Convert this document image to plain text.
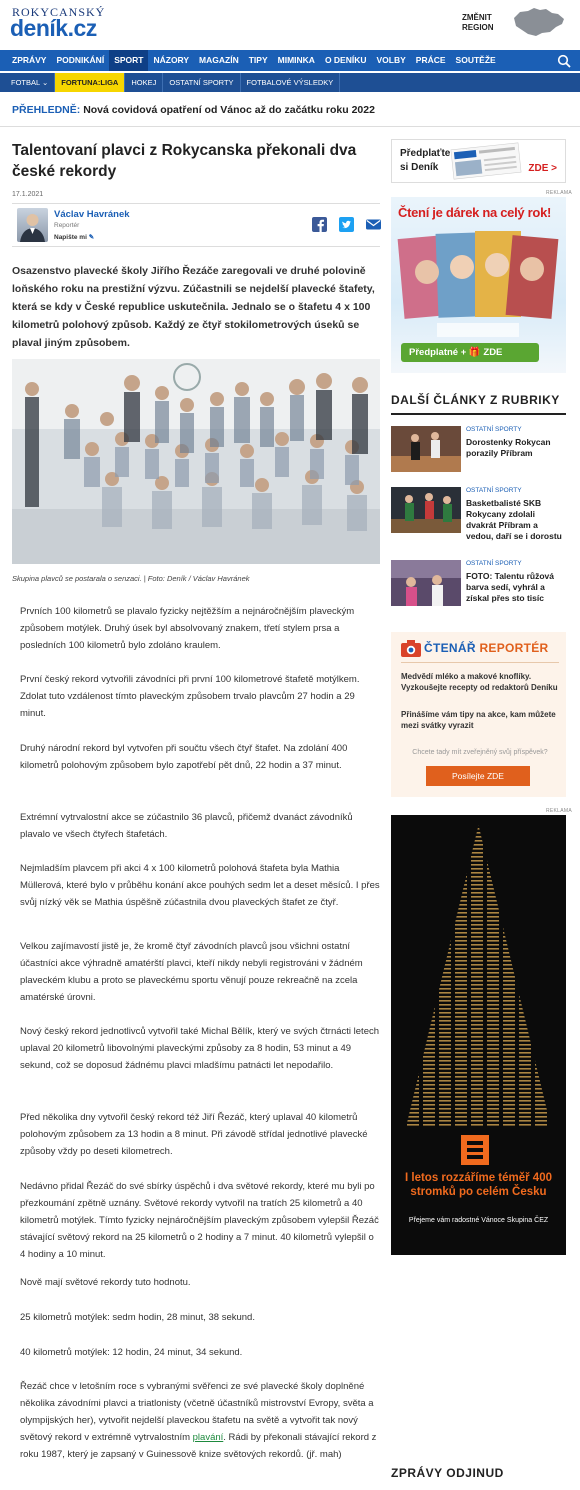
ROKYCANSKÝ
deník.cz	ZMĚNIT
REGION
ZPRÁVY	PODNIKÁNÍ	SPORT	NÁZORY	MAGAZÍN	TIPY	MIMINKA	O DENÍKU	VOLBY	PRÁCE	SOUTĚŽE
FOTBAL ⌄	FORTUNA:LIGA	HOKEJ	OSTATNÍ SPORTY	FOTBALOVÉ VÝSLEDKY
PŘEHLEDNĚ: Nová covidová opatření od Vánoc až do začátku roku 2022
Talentovaní plavci z Rokycanska překonali dva české rekordy
17.1.2021
Václav Havránek
Reportér
Napište mi ✎

Osazenstvo plavecké školy Jiřího Řezáče zaregovali ve druhé polovině loňského roku na prestižní výzvu. Zúčastnili se nejdelší plavecké štafety, která se kdy v České republice uskutečnila. Jednalo se o štafetu 4 x 100 kilometrů polohový způsob. Každý ze čtyř stokilometrových úseků se plaval jiným způsobem.

Skupina plavců se postarala o senzaci. | Foto: Deník / Václav Havránek

Prvních 100 kilometrů se plavalo fyzicky nejtěžším a nejnáročnějším plaveckým způsobem motýlek. Druhý úsek byl absolvovaný znakem, třetí stylem prsa a posledních 100 kilometrů bylo zdoláno kraulem.

První český rekord vytvořili závodníci při první 100 kilometrové štafetě motýlkem. Zdolat tuto vzdálenost tímto plaveckým způsobem trvalo plavcům 27 hodin a 29 minut.

Druhý národní rekord byl vytvořen při součtu všech čtyř štafet. Na zdolání 400 kilometrů polohovým způsobem bylo zapotřebí pět dnů, 22 hodin a 37 minut.

Extrémní vytrvalostní akce se zúčastnilo 36 plavců, přičemž dvanáct závodníků plavalo ve všech čtyřech štafetách.

Nejmladším plavcem při akci 4 x 100 kilometrů polohová štafeta byla Mathia Müllerová, které bylo v průběhu konání akce pouhých sedm let a deset měsíců. I přes svůj nízký věk se Mathia úspěšně zúčastnila dvou plaveckých štafet ze čtyř.

Velkou zajímavostí jistě je, že kromě čtyř závodních plavců jsou všichni ostatní účastníci akce výhradně amatérští plavci, kteří nikdy nebyli registrováni v žádném plaveckém klubu a proto se plaveckému sportu věnují pouze rekreačně na zcela amatérské úrovni.

Nový český rekord jednotlivců vytvořil také Michal Bělík, který ve svých čtrnácti letech uplaval 20 kilometrů libovolnými plaveckými způsoby za 8 hodin, 53 minut a 49 sekund, což se doposud žádnému plavci mladšímu patnácti let nepodařilo.

Před několika dny vytvořil český rekord též Jiří Řezáč, který uplaval 40 kilometrů polohovým způsobem za 13 hodin a 8 minut. Při závodě střídal jednotlivé plavecké způsoby vždy po deseti kilometrech.

Nedávno přidal Řezáč do své sbírky úspěchů i dva světové rekordy, které mu byli po přezkoumání zpětně uznány. Světové rekordy vytvořil na tratích 25 kilometrů a 40 kilometrů motýlek. Tímto fyzicky nejnáročnějším plaveckým způsobem vylepšil Řezáč stávající světový rekord na 25 kilometrů o 2 hodiny a 7 minut. 40 kilometrů vylepšil o 4 hodiny a 10 minut.

Nově mají světové rekordy tuto hodnotu.

25 kilometrů motýlek: sedm hodin, 28 minut, 38 sekund.

40 kilometrů motýlek: 12 hodin, 24 minut, 34 sekund.

Řezáč chce v letošním roce s vybranými svěřenci ze své plavecké školy doplněné několika závodními plavci a triatlonisty (včetně účastníků mistrovství Evropy, světa a olympijských her), vytvořit nejdelší plaveckou štafetu na světě a vytvořit tak nový světový rekord v extrémně vytrvalostním plavání. Rádi by překonali stávající rekord z roku 1987, který je zapsaný v Guinessově knize světových rekordů. (jř. mah)

Předplaťte
si Deník	ZDE >
REKLAMA
Čtení je dárek na celý rok!
Předplatné + 🎁 ZDE
DALŠÍ ČLÁNKY Z RUBRIKY
OSTATNÍ SPORTY
Dorostenky Rokycan porazily Příbram
OSTATNÍ SPORTY
Basketbalisté SKB Rokycany zdolali dvakrát Příbram a vedou, daří se i dorostu
OSTATNÍ SPORTY
FOTO: Talentu růžová barva sedí, vyhrál a získal přes sto tisíc
ČTENÁŘ REPORTÉR
Medvědí mléko a makové knoflíky. Vyzkoušejte recepty od redaktorů Deníku
Přinášíme vám tipy na akce, kam můžete mezi svátky vyrazit
Chcete tady mít zveřejněný svůj příspěvek?
Posílejte ZDE
REKLAMA
I letos rozzáříme téměř 400 stromků po celém Česku
Přejeme vám radostné Vánoce Skupina ČEZ
ZPRÁVY ODJINUD
